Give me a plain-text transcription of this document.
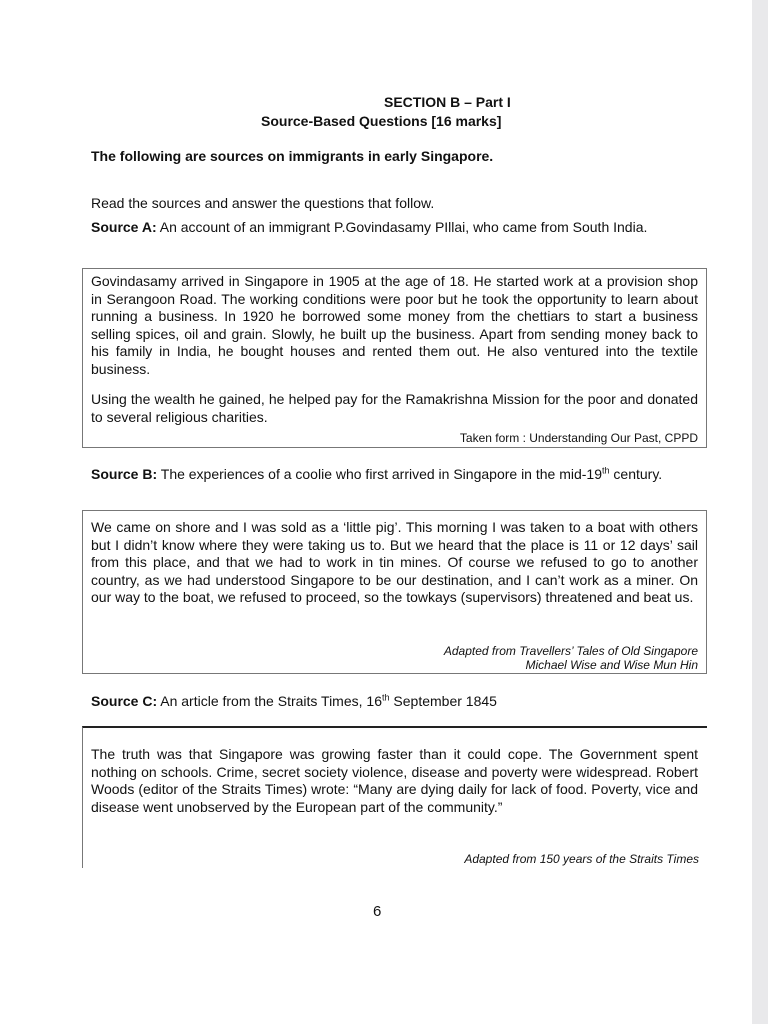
SECTION B – Part I
Source-Based Questions [16 marks]
The following are sources on immigrants in early Singapore.
Read the sources and answer the questions that follow.
Source A: An account of an immigrant P.Govindasamy PIllai, who came from South India.
Govindasamy arrived in Singapore in 1905 at the age of 18. He started work at a provision shop in Serangoon Road. The working conditions were poor but he took the opportunity to learn about running a business. In 1920 he borrowed some money from the chettiars to start a business selling spices, oil and grain. Slowly, he built up the business. Apart from sending money back to his family in India, he bought houses and rented them out. He also ventured into the textile business.
Using the wealth he gained, he helped pay for the Ramakrishna Mission for the poor and donated to several religious charities.
Taken form : Understanding Our Past, CPPD
Source B: The experiences of a coolie who first arrived in Singapore in the mid-19th century.
We came on shore and I was sold as a ‘little pig’. This morning I was taken to a boat with others but I didn’t know where they were taking us to. But we heard that the place is 11 or 12 days’ sail from this place, and that we had to work in tin mines. Of course we refused to go to another country, as we had understood Singapore to be our destination, and I can’t work as a miner. On our way to the boat, we refused to proceed, so the towkays (supervisors) threatened and beat us.
Adapted from Travellers’ Tales of Old Singapore
Michael Wise and Wise Mun Hin
Source C: An article from the Straits Times, 16th September 1845
The truth was that Singapore was growing faster than it could cope. The Government spent nothing on schools. Crime, secret society violence, disease and poverty were widespread. Robert Woods (editor of the Straits Times) wrote: “Many are dying daily for lack of food. Poverty, vice and disease went unobserved by the European part of the community.”
Adapted from 150 years of the Straits Times
6
